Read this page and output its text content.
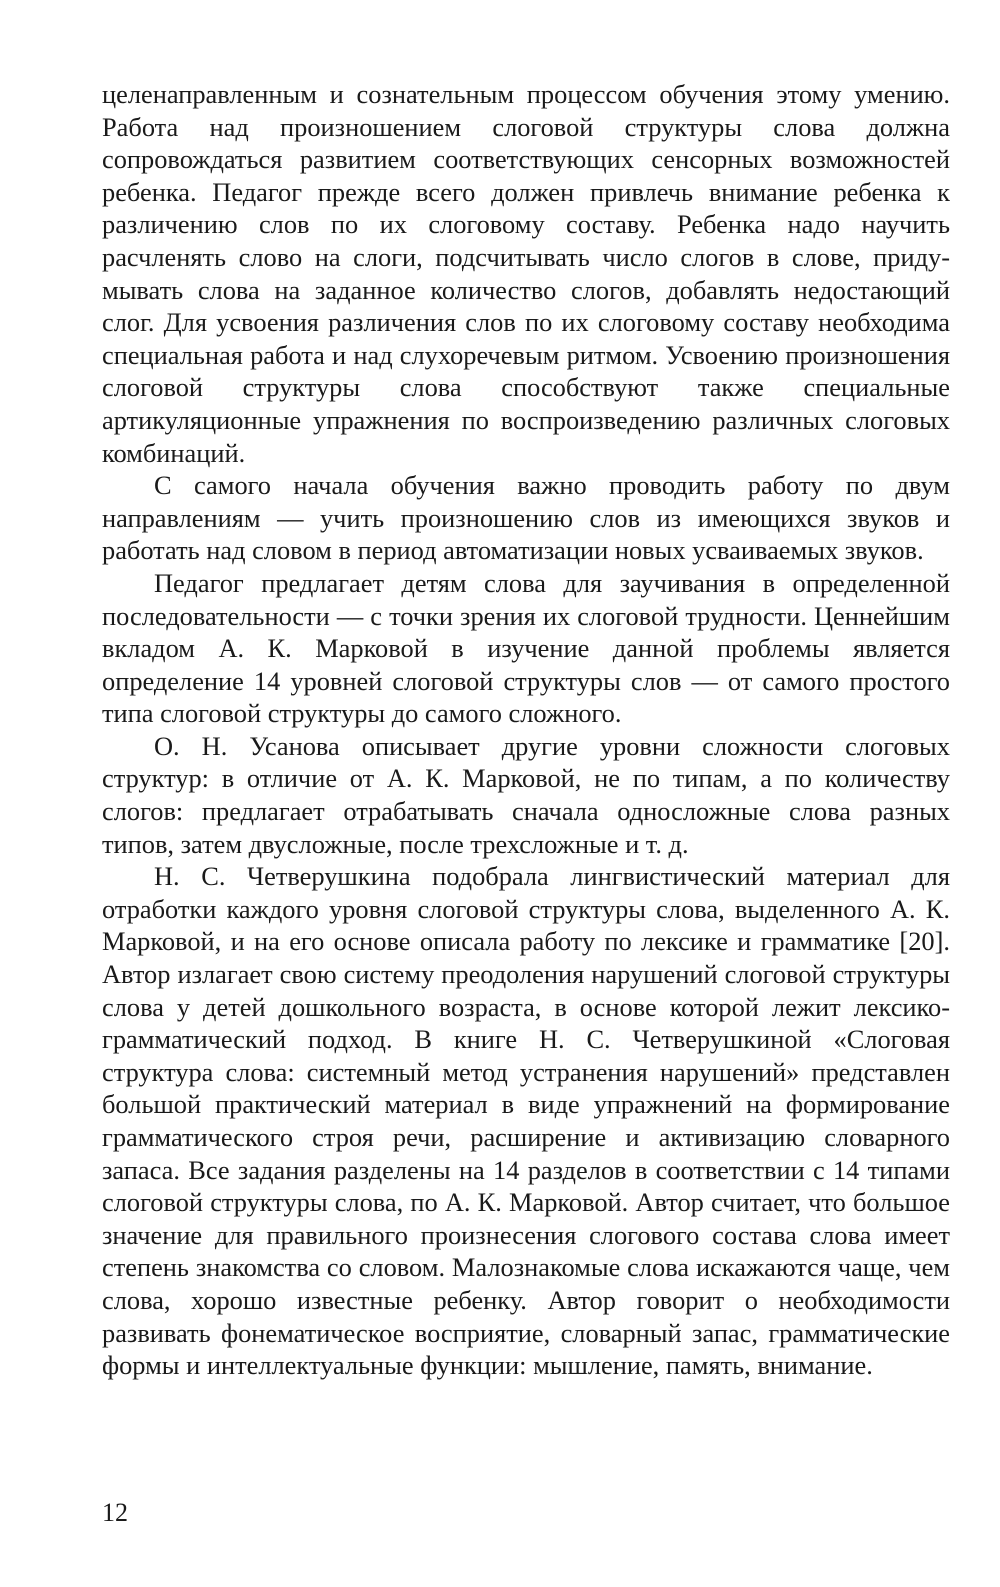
целенаправленным и сознательным процессом обучения этому умению. Работа над произношением слоговой структуры слова должна сопровождаться развитием соответствующих сенсорных возможностей ребенка. Педагог прежде всего должен привлечь внимание ребенка к различению слов по их слоговому составу. Ребенка надо научить расчленять слово на слоги, подсчитывать число слогов в слове, придумывать слова на заданное количество слогов, добавлять недостающий слог. Для усвоения различения слов по их слоговому составу необходима специальная работа и над слухоречевым ритмом. Усвоению произношения слоговой структуры слова способствуют также специальные артикуляционные упражнения по воспроизведению различных слоговых комбинаций.

С самого начала обучения важно проводить работу по двум направлениям — учить произношению слов из имеющихся звуков и работать над словом в период автоматизации новых усваиваемых звуков.

Педагог предлагает детям слова для заучивания в определенной последовательности — с точки зрения их слоговой трудности. Ценнейшим вкладом А. К. Марковой в изучение данной проблемы является определение 14 уровней слоговой структуры слов — от самого простого типа слоговой структуры до самого сложного.

О. Н. Усанова описывает другие уровни сложности слоговых структур: в отличие от А. К. Марковой, не по типам, а по количеству слогов: предлагает отрабатывать сначала односложные слова разных типов, затем двусложные, после трехсложные и т. д.

Н. С. Четверушкина подобрала лингвистический материал для отработки каждого уровня слоговой структуры слова, выделенного А. К. Марковой, и на его основе описала работу по лексике и грамматике [20]. Автор излагает свою систему преодоления нарушений слоговой структуры слова у детей дошкольного возраста, в основе которой лежит лексико-грамматический подход. В книге Н. С. Четверушкиной «Слоговая структура слова: системный метод устранения нарушений» представлен большой практический материал в виде упражнений на формирование грамматического строя речи, расширение и активизацию словарного запаса. Все задания разделены на 14 разделов в соответствии с 14 типами слоговой структуры слова, по А. К. Марковой. Автор считает, что большое значение для правильного произнесения слогового состава слова имеет степень знакомства со словом. Малознакомые слова искажаются чаще, чем слова, хорошо известные ребенку. Автор говорит о необходимости развивать фонематическое восприятие, словарный запас, грамматические формы и интеллектуальные функции: мышление, память, внимание.

12
